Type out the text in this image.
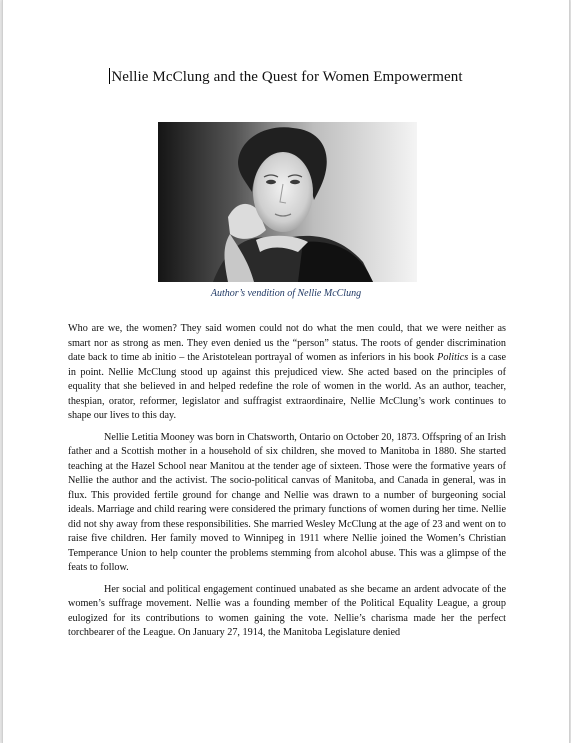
Nellie McClung and the Quest for Women Empowerment
Author’s vendition of Nellie McClung

Who are we, the women? They said women could not do what the men could, that we were neither as smart nor as strong as men. They even denied us the “person” status. The roots of gender discrimination date back to time ab initio – the Aristotelean portrayal of women as inferiors in his book Politics is a case in point. Nellie McClung stood up against this prejudiced view. She acted based on the principles of equality that she believed in and helped redefine the role of women in the world. As an author, teacher, thespian, orator, reformer, legislator and suffragist extraordinaire, Nellie McClung’s work continues to shape our lives to this day.

Nellie Letitia Mooney was born in Chatsworth, Ontario on October 20, 1873. Offspring of an Irish father and a Scottish mother in a household of six children, she moved to Manitoba in 1880. She started teaching at the Hazel School near Manitou at the tender age of sixteen. Those were the formative years of Nellie the author and the activist. The socio-political canvas of Manitoba, and Canada in general, was in flux. This provided fertile ground for change and Nellie was drawn to a number of burgeoning social ideals. Marriage and child rearing were considered the primary functions of women during her time. Nellie did not shy away from these responsibilities. She married Wesley McClung at the age of 23 and went on to raise five children. Her family moved to Winnipeg in 1911 where Nellie joined the Women’s Christian Temperance Union to help counter the problems stemming from alcohol abuse. This was a glimpse of the feats to follow.

Her social and political engagement continued unabated as she became an ardent advocate of the women’s suffrage movement. Nellie was a founding member of the Political Equality League, a group eulogized for its contributions to women gaining the vote. Nellie’s charisma made her the perfect torchbearer of the League. On January 27, 1914, the Manitoba Legislature denied
